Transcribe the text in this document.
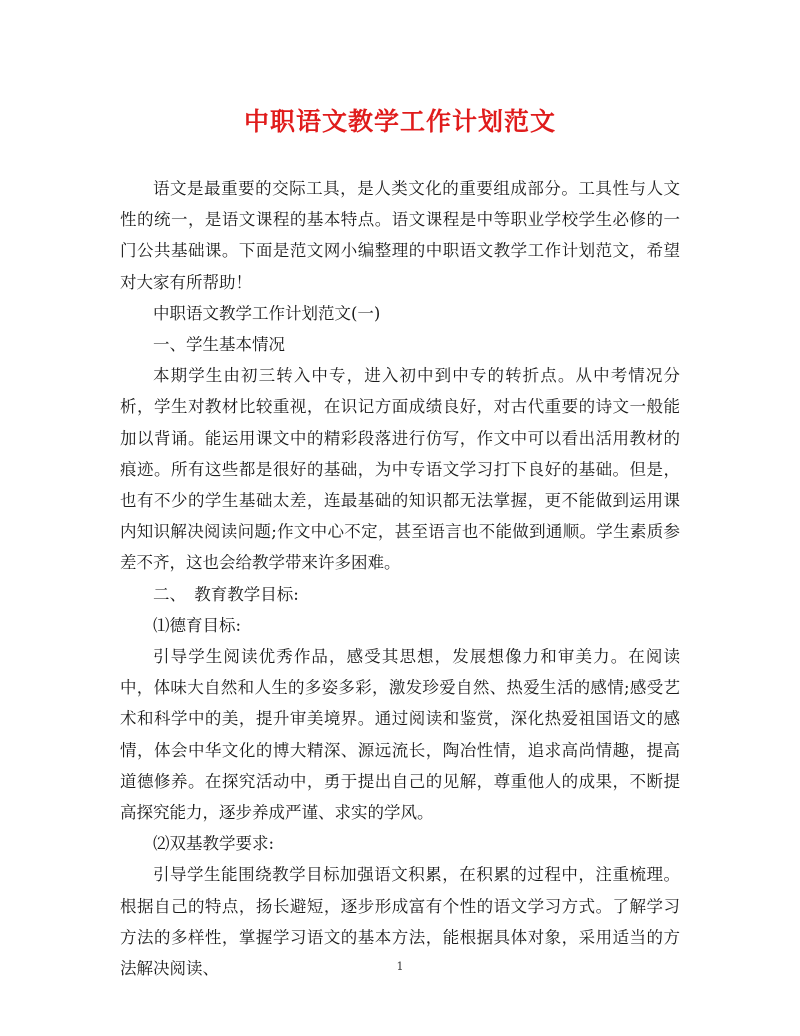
中职语文教学工作计划范文

语文是最重要的交际工具，是人类文化的重要组成部分。工具性与人文性的统一，是语文课程的基本特点。语文课程是中等职业学校学生必修的一门公共基础课。下面是范文网小编整理的中职语文教学工作计划范文，希望对大家有所帮助！

中职语文教学工作计划范文(一)

一、学生基本情况

本期学生由初三转入中专，进入初中到中专的转折点。从中考情况分析，学生对教材比较重视，在识记方面成绩良好，对古代重要的诗文一般能加以背诵。能运用课文中的精彩段落进行仿写，作文中可以看出活用教材的痕迹。所有这些都是很好的基础，为中专语文学习打下良好的基础。但是，也有不少的学生基础太差，连最基础的知识都无法掌握，更不能做到运用课内知识解决阅读问题;作文中心不定，甚至语言也不能做到通顺。学生素质参差不齐，这也会给教学带来许多困难。

二、　教育教学目标:

⑴德育目标:

引导学生阅读优秀作品，感受其思想，发展想像力和审美力。在阅读中，体味大自然和人生的多姿多彩，激发珍爱自然、热爱生活的感情;感受艺术和科学中的美，提升审美境界。通过阅读和鉴赏，深化热爱祖国语文的感情，体会中华文化的博大精深、源远流长，陶冶性情，追求高尚情趣，提高道德修养。在探究活动中，勇于提出自己的见解，尊重他人的成果，不断提高探究能力，逐步养成严谨、求实的学风。

⑵双基教学要求:

引导学生能围绕教学目标加强语文积累，在积累的过程中，注重梳理。根据自己的特点，扬长避短，逐步形成富有个性的语文学习方式。了解学习方法的多样性，掌握学习语文的基本方法，能根据具体对象，采用适当的方法解决阅读、	1
